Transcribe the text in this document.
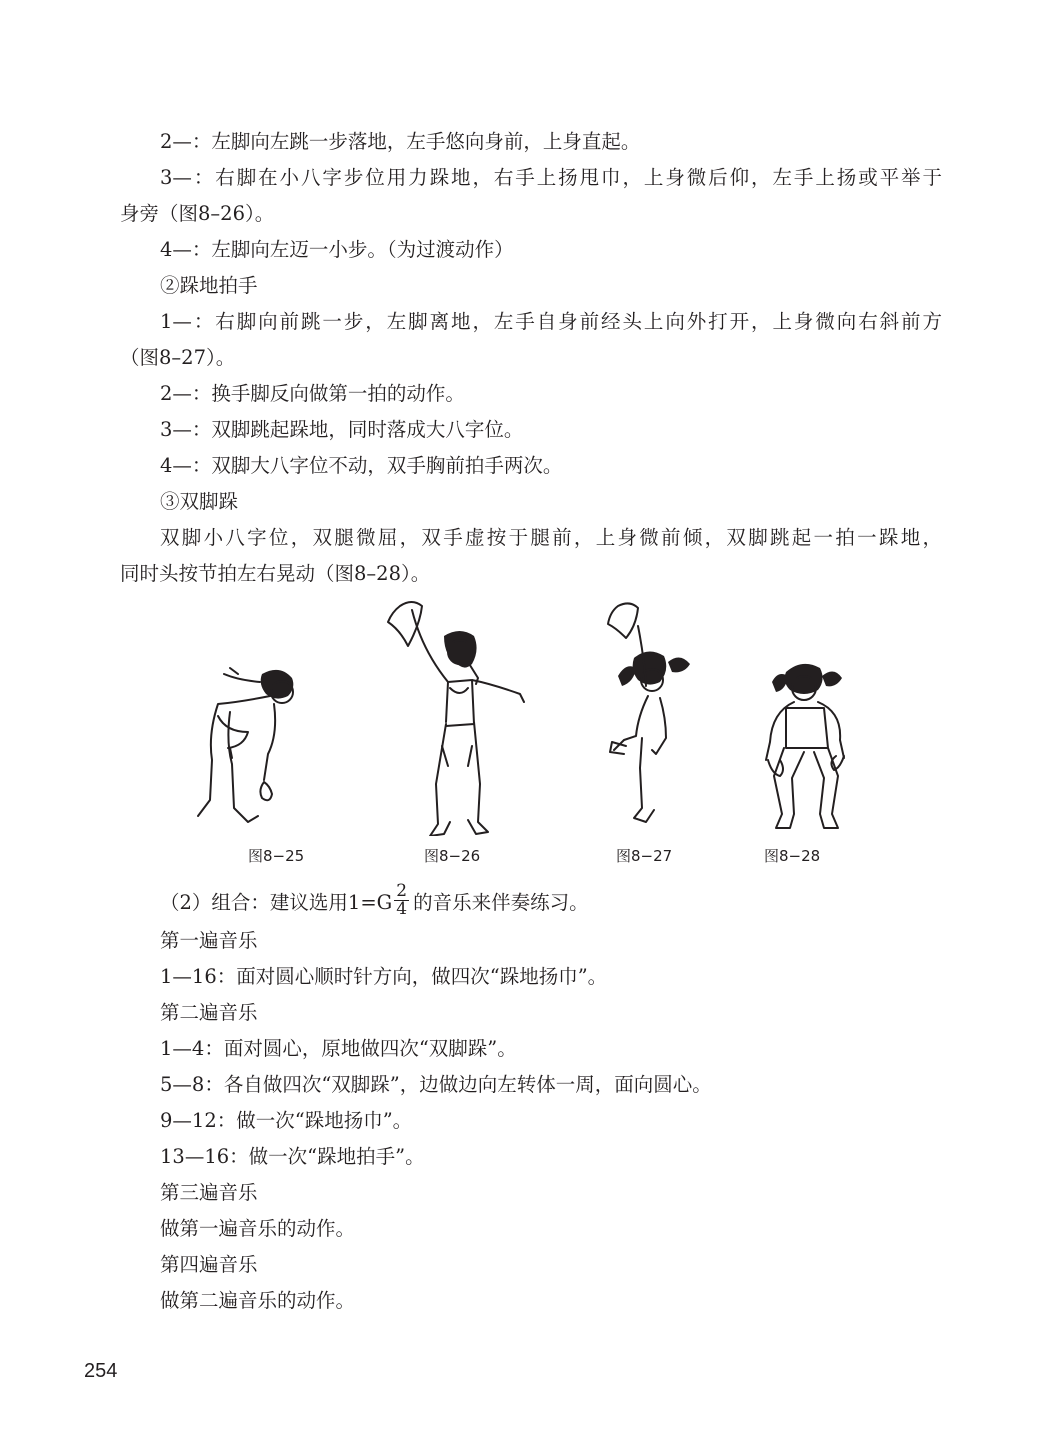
2—：左脚向左跳一步落地，左手悠向身前，上身直起。
3—：右脚在小八字步位用力跺地，右手上扬甩巾，上身微后仰，左手上扬或平举于
身旁（图8–26）。
4—：左脚向左迈一小步。（为过渡动作）
②跺地拍手
1—：右脚向前跳一步，左脚离地，左手自身前经头上向外打开，上身微向右斜前方
（图8–27）。
2—：换手脚反向做第一拍的动作。
3—：双脚跳起跺地，同时落成大八字位。
4—：双脚大八字位不动，双手胸前拍手两次。
③双脚跺
双脚小八字位，双腿微屈，双手虚按于腿前，上身微前倾，双脚跳起一拍一跺地，
同时头按节拍左右晃动（图8–28）。
图8−25	图8−26	图8−27	图8−28
（2）组合：建议选用$1=G \frac{2}{4}$ 的音乐来伴奏练习。
第一遍音乐
1—16：面对圆心顺时针方向，做四次“跺地扬巾”。
第二遍音乐
1—4：面对圆心，原地做四次“双脚跺”。
5—8：各自做四次“双脚跺”，边做边向左转体一周，面向圆心。
9—12：做一次“跺地扬巾”。
13—16：做一次“跺地拍手”。
第三遍音乐
做第一遍音乐的动作。
第四遍音乐
做第二遍音乐的动作。
254
